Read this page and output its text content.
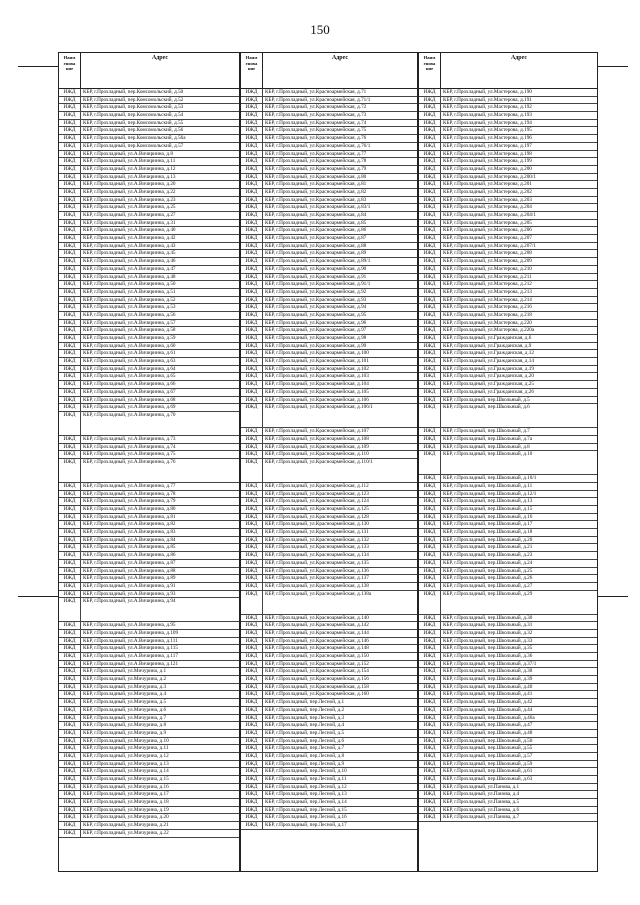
150
Наим
енова
ние
Адрес
ИЖД	КБР, г.Прохладный, пер.Комсомольский, д.50
ИЖД	КБР, г.Прохладный, пер.Комсомольский, д.52
ИЖД	КБР, г.Прохладный, пер.Комсомольский, д.53
ИЖД	КБР, г.Прохладный, пер.Комсомольский, д.54
ИЖД	КБР, г.Прохладный, пер.Комсомольский, д.55
ИЖД	КБР, г.Прохладный, пер.Комсомольский, д.56
ИЖД	КБР, г.Прохладный, пер.Комсомольский, д.56а
ИЖД	КБР, г.Прохладный, пер.Комсомольский, д.57
ИЖД	КБР, г.Прохладный, ул.А.Вичиринна, д.8
ИЖД	КБР, г.Прохладный, ул.А.Вичиринна, д.11
ИЖД	КБР, г.Прохладный, ул.А.Вичиринна, д.12
ИЖД	КБР, г.Прохладный, ул.А.Вичиринна, д.13
ИЖД	КБР, г.Прохладный, ул.А.Вичиринна, д.20
ИЖД	КБР, г.Прохладный, ул.А.Вичиринна, д.22
ИЖД	КБР, г.Прохладный, ул.А.Вичиринна, д.23
ИЖД	КБР, г.Прохладный, ул.А.Вичиринна, д.25
ИЖД	КБР, г.Прохладный, ул.А.Вичиринна, д.27
ИЖД	КБР, г.Прохладный, ул.А.Вичиринна, д.31
ИЖД	КБР, г.Прохладный, ул.А.Вичиринна, д.40
ИЖД	КБР, г.Прохладный, ул.А.Вичиринна, д.42
ИЖД	КБР, г.Прохладный, ул.А.Вичиринна, д.43
ИЖД	КБР, г.Прохладный, ул.А.Вичиринна, д.45
ИЖД	КБР, г.Прохладный, ул.А.Вичиринна, д.46
ИЖД	КБР, г.Прохладный, ул.А.Вичиринна, д.47
ИЖД	КБР, г.Прохладный, ул.А.Вичиринна, д.48
ИЖД	КБР, г.Прохладный, ул.А.Вичиринна, д.50
ИЖД	КБР, г.Прохладный, ул.А.Вичиринна, д.51
ИЖД	КБР, г.Прохладный, ул.А.Вичиринна, д.52
ИЖД	КБР, г.Прохладный, ул.А.Вичиринна, д.53
ИЖД	КБР, г.Прохладный, ул.А.Вичиринна, д.56
ИЖД	КБР, г.Прохладный, ул.А.Вичиринна, д.57
ИЖД	КБР, г.Прохладный, ул.А.Вичиринна, д.58
ИЖД	КБР, г.Прохладный, ул.А.Вичиринна, д.59
ИЖД	КБР, г.Прохладный, ул.А.Вичиринна, д.60
ИЖД	КБР, г.Прохладный, ул.А.Вичиринна, д.61
ИЖД	КБР, г.Прохладный, ул.А.Вичиринна, д.63
ИЖД	КБР, г.Прохладный, ул.А.Вичиринна, д.64
ИЖД	КБР, г.Прохладный, ул.А.Вичиринна, д.65
ИЖД	КБР, г.Прохладный, ул.А.Вичиринна, д.66
ИЖД	КБР, г.Прохладный, ул.А.Вичиринна, д.67
ИЖД	КБР, г.Прохладный, ул.А.Вичиринна, д.68
ИЖД	КБР, г.Прохладный, ул.А.Вичиринна, д.69
ИЖД	КБР, г.Прохладный, ул.А.Вичиринна, д.70
ИЖД	КБР, г.Прохладный, ул.А.Вичиринна, д.73
ИЖД	КБР, г.Прохладный, ул.А.Вичиринна, д.74
ИЖД	КБР, г.Прохладный, ул.А.Вичиринна, д.75
ИЖД	КБР, г.Прохладный, ул.А.Вичиринна, д.76
ИЖД	КБР, г.Прохладный, ул.А.Вичиринна, д.77
ИЖД	КБР, г.Прохладный, ул.А.Вичиринна, д.78
ИЖД	КБР, г.Прохладный, ул.А.Вичиринна, д.79
ИЖД	КБР, г.Прохладный, ул.А.Вичиринна, д.80
ИЖД	КБР, г.Прохладный, ул.А.Вичиринна, д.81
ИЖД	КБР, г.Прохладный, ул.А.Вичиринна, д.82
ИЖД	КБР, г.Прохладный, ул.А.Вичиринна, д.83
ИЖД	КБР, г.Прохладный, ул.А.Вичиринна, д.84
ИЖД	КБР, г.Прохладный, ул.А.Вичиринна, д.85
ИЖД	КБР, г.Прохладный, ул.А.Вичиринна, д.86
ИЖД	КБР, г.Прохладный, ул.А.Вичиринна, д.87
ИЖД	КБР, г.Прохладный, ул.А.Вичиринна, д.88
ИЖД	КБР, г.Прохладный, ул.А.Вичиринна, д.89
ИЖД	КБР, г.Прохладный, ул.А.Вичиринна, д.91
ИЖД	КБР, г.Прохладный, ул.А.Вичиринна, д.93
ИЖД	КБР, г.Прохладный, ул.А.Вичиринна, д.94
ИЖД	КБР, г.Прохладный, ул.А.Вичиринна, д.95
ИЖД	КБР, г.Прохладный, ул.А.Вичиринна, д.109
ИЖД	КБР, г.Прохладный, ул.А.Вичиринна, д.111
ИЖД	КБР, г.Прохладный, ул.А.Вичиринна, д.115
ИЖД	КБР, г.Прохладный, ул.А.Вичиринна, д.117
ИЖД	КБР, г.Прохладный, ул.А.Вичиринна, д.121
ИЖД	КБР, г.Прохладный, ул.Мичурина, д.1
ИЖД	КБР, г.Прохладный, ул.Мичурина, д.2
ИЖД	КБР, г.Прохладный, ул.Мичурина, д.3
ИЖД	КБР, г.Прохладный, ул.Мичурина, д.4
ИЖД	КБР, г.Прохладный, ул.Мичурина, д.5
ИЖД	КБР, г.Прохладный, ул.Мичурина, д.6
ИЖД	КБР, г.Прохладный, ул.Мичурина, д.7
ИЖД	КБР, г.Прохладный, ул.Мичурина, д.8
ИЖД	КБР, г.Прохладный, ул.Мичурина, д.9
ИЖД	КБР, г.Прохладный, ул.Мичурина, д.10
ИЖД	КБР, г.Прохладный, ул.Мичурина, д.11
ИЖД	КБР, г.Прохладный, ул.Мичурина, д.12
ИЖД	КБР, г.Прохладный, ул.Мичурина, д.13
ИЖД	КБР, г.Прохладный, ул.Мичурина, д.14
ИЖД	КБР, г.Прохладный, ул.Мичурина, д.15
ИЖД	КБР, г.Прохладный, ул.Мичурина, д.16
ИЖД	КБР, г.Прохладный, ул.Мичурина, д.17
ИЖД	КБР, г.Прохладный, ул.Мичурина, д.18
ИЖД	КБР, г.Прохладный, ул.Мичурина, д.19
ИЖД	КБР, г.Прохладный, ул.Мичурина, д.20
ИЖД	КБР, г.Прохладный, ул.Мичурина, д.21
ИЖД	КБР, г.Прохладный, ул.Мичурина, д.22
Наим
енова
ние
Адрес
ИЖД	КБР, г.Прохладный, ул.Красноармейская, д.71
ИЖД	КБР, г.Прохладный, ул.Красноармейская, д.71/1
ИЖД	КБР, г.Прохладный, ул.Красноармейская, д.72
ИЖД	КБР, г.Прохладный, ул.Красноармейская, д.73
ИЖД	КБР, г.Прохладный, ул.Красноармейская, д.74
ИЖД	КБР, г.Прохладный, ул.Красноармейская, д.75
ИЖД	КБР, г.Прохладный, ул.Красноармейская, д.76
ИЖД	КБР, г.Прохладный, ул.Красноармейская, д.76/1
ИЖД	КБР, г.Прохладный, ул.Красноармейская, д.77
ИЖД	КБР, г.Прохладный, ул.Красноармейская, д.78
ИЖД	КБР, г.Прохладный, ул.Красноармейская, д.79
ИЖД	КБР, г.Прохладный, ул.Красноармейская, д.80
ИЖД	КБР, г.Прохладный, ул.Красноармейская, д.81
ИЖД	КБР, г.Прохладный, ул.Красноармейская, д.82
ИЖД	КБР, г.Прохладный, ул.Красноармейская, д.83
ИЖД	КБР, г.Прохладный, ул.Красноармейская, д.83/1
ИЖД	КБР, г.Прохладный, ул.Красноармейская, д.84
ИЖД	КБР, г.Прохладный, ул.Красноармейская, д.85
ИЖД	КБР, г.Прохладный, ул.Красноармейская, д.86
ИЖД	КБР, г.Прохладный, ул.Красноармейская, д.87
ИЖД	КБР, г.Прохладный, ул.Красноармейская, д.88
ИЖД	КБР, г.Прохладный, ул.Красноармейская, д.89
ИЖД	КБР, г.Прохладный, ул.Красноармейская, д.89/1
ИЖД	КБР, г.Прохладный, ул.Красноармейская, д.90
ИЖД	КБР, г.Прохладный, ул.Красноармейская, д.91
ИЖД	КБР, г.Прохладный, ул.Красноармейская, д.91/1
ИЖД	КБР, г.Прохладный, ул.Красноармейская, д.92
ИЖД	КБР, г.Прохладный, ул.Красноармейская, д.93
ИЖД	КБР, г.Прохладный, ул.Красноармейская, д.94
ИЖД	КБР, г.Прохладный, ул.Красноармейская, д.95
ИЖД	КБР, г.Прохладный, ул.Красноармейская, д.96
ИЖД	КБР, г.Прохладный, ул.Красноармейская, д.97
ИЖД	КБР, г.Прохладный, ул.Красноармейская, д.98
ИЖД	КБР, г.Прохладный, ул.Красноармейская, д.99
ИЖД	КБР, г.Прохладный, ул.Красноармейская, д.100
ИЖД	КБР, г.Прохладный, ул.Красноармейская, д.101
ИЖД	КБР, г.Прохладный, ул.Красноармейская, д.102
ИЖД	КБР, г.Прохладный, ул.Красноармейская, д.103
ИЖД	КБР, г.Прохладный, ул.Красноармейская, д.104
ИЖД	КБР, г.Прохладный, ул.Красноармейская, д.105
ИЖД	КБР, г.Прохладный, ул.Красноармейская, д.106
ИЖД	КБР, г.Прохладный, ул.Красноармейская, д.106/1
ИЖД	КБР, г.Прохладный, ул.Красноармейская, д.107
ИЖД	КБР, г.Прохладный, ул.Красноармейская, д.108
ИЖД	КБР, г.Прохладный, ул.Красноармейская, д.109
ИЖД	КБР, г.Прохладный, ул.Красноармейская, д.110
ИЖД	КБР, г.Прохладный, ул.Красноармейская, д.110/1
ИЖД	КБР, г.Прохладный, ул.Красноармейская, д.112
ИЖД	КБР, г.Прохладный, ул.Красноармейская, д.123
ИЖД	КБР, г.Прохладный, ул.Красноармейская, д.124
ИЖД	КБР, г.Прохладный, ул.Красноармейская, д.125
ИЖД	КБР, г.Прохладный, ул.Красноармейская, д.128
ИЖД	КБР, г.Прохладный, ул.Красноармейская, д.130
ИЖД	КБР, г.Прохладный, ул.Красноармейская, д.131
ИЖД	КБР, г.Прохладный, ул.Красноармейская, д.132
ИЖД	КБР, г.Прохладный, ул.Красноармейская, д.133
ИЖД	КБР, г.Прохладный, ул.Красноармейская, д.134
ИЖД	КБР, г.Прохладный, ул.Красноармейская, д.135
ИЖД	КБР, г.Прохладный, ул.Красноармейская, д.136
ИЖД	КБР, г.Прохладный, ул.Красноармейская, д.137
ИЖД	КБР, г.Прохладный, ул.Красноармейская, д.138
ИЖД	КБР, г.Прохладный, ул.Красноармейская, д.138а
ИЖД	КБР, г.Прохладный, ул.Красноармейская, д.140
ИЖД	КБР, г.Прохладный, ул.Красноармейская, д.142
ИЖД	КБР, г.Прохладный, ул.Красноармейская, д.144
ИЖД	КБР, г.Прохладный, ул.Красноармейская, д.146
ИЖД	КБР, г.Прохладный, ул.Красноармейская, д.148
ИЖД	КБР, г.Прохладный, ул.Красноармейская, д.150
ИЖД	КБР, г.Прохладный, ул.Красноармейская, д.152
ИЖД	КБР, г.Прохладный, ул.Красноармейская, д.154
ИЖД	КБР, г.Прохладный, ул.Красноармейская, д.156
ИЖД	КБР, г.Прохладный, ул.Красноармейская, д.158
ИЖД	КБР, г.Прохладный, ул.Красноармейская, д.160
ИЖД	КБР, г.Прохладный, пер.Лесной, д.1
ИЖД	КБР, г.Прохладный, пер.Лесной, д.2
ИЖД	КБР, г.Прохладный, пер.Лесной, д.3
ИЖД	КБР, г.Прохладный, пер.Лесной, д.4
ИЖД	КБР, г.Прохладный, пер.Лесной, д.5
ИЖД	КБР, г.Прохладный, пер.Лесной, д.6
ИЖД	КБР, г.Прохладный, пер.Лесной, д.7
ИЖД	КБР, г.Прохладный, пер.Лесной, д.8
ИЖД	КБР, г.Прохладный, пер.Лесной, д.9
ИЖД	КБР, г.Прохладный, пер.Лесной, д.10
ИЖД	КБР, г.Прохладный, пер.Лесной, д.11
ИЖД	КБР, г.Прохладный, пер.Лесной, д.12
ИЖД	КБР, г.Прохладный, пер.Лесной, д.13
ИЖД	КБР, г.Прохладный, пер.Лесной, д.14
ИЖД	КБР, г.Прохладный, пер.Лесной, д.15
ИЖД	КБР, г.Прохладный, пер.Лесной, д.16
ИЖД	КБР, г.Прохладный, пер.Лесной, д.17
Наим
енова
ние
Адрес
ИЖД	КБР, г.Прохладный, ул.Мастерова, д.190
ИЖД	КБР, г.Прохладный, ул.Мастерова, д.191
ИЖД	КБР, г.Прохладный, ул.Мастерова, д.192
ИЖД	КБР, г.Прохладный, ул.Мастерова, д.193
ИЖД	КБР, г.Прохладный, ул.Мастерова, д.194
ИЖД	КБР, г.Прохладный, ул.Мастерова, д.195
ИЖД	КБР, г.Прохладный, ул.Мастерова, д.196
ИЖД	КБР, г.Прохладный, ул.Мастерова, д.197
ИЖД	КБР, г.Прохладный, ул.Мастерова, д.198
ИЖД	КБР, г.Прохладный, ул.Мастерова, д.199
ИЖД	КБР, г.Прохладный, ул.Мастерова, д.200
ИЖД	КБР, г.Прохладный, ул.Мастерова, д.200/1
ИЖД	КБР, г.Прохладный, ул.Мастерова, д.201
ИЖД	КБР, г.Прохладный, ул.Мастерова, д.202
ИЖД	КБР, г.Прохладный, ул.Мастерова, д.203
ИЖД	КБР, г.Прохладный, ул.Мастерова, д.204
ИЖД	КБР, г.Прохладный, ул.Мастерова, д.204/1
ИЖД	КБР, г.Прохладный, ул.Мастерова, д.205
ИЖД	КБР, г.Прохладный, ул.Мастерова, д.206
ИЖД	КБР, г.Прохладный, ул.Мастерова, д.207
ИЖД	КБР, г.Прохладный, ул.Мастерова, д.207/1
ИЖД	КБР, г.Прохладный, ул.Мастерова, д.208
ИЖД	КБР, г.Прохладный, ул.Мастерова, д.209
ИЖД	КБР, г.Прохладный, ул.Мастерова, д.210
ИЖД	КБР, г.Прохладный, ул.Мастерова, д.211
ИЖД	КБР, г.Прохладный, ул.Мастерова, д.212
ИЖД	КБР, г.Прохладный, ул.Мастерова, д.213
ИЖД	КБР, г.Прохладный, ул.Мастерова, д.214
ИЖД	КБР, г.Прохладный, ул.Мастерова, д.216
ИЖД	КБР, г.Прохладный, ул.Мастерова, д.218
ИЖД	КБР, г.Прохладный, ул.Мастерова, д.220
ИЖД	КБР, г.Прохладный, ул.Мастерова, д.220а
ИЖД	КБР, г.Прохладный, ул.Гражданская, д.6
ИЖД	КБР, г.Прохладный, ул.Гражданская, д.9
ИЖД	КБР, г.Прохладный, ул.Гражданская, д.12
ИЖД	КБР, г.Прохладный, ул.Гражданская, д.14
ИЖД	КБР, г.Прохладный, ул.Гражданская, д.19
ИЖД	КБР, г.Прохладный, ул.Гражданская, д.20
ИЖД	КБР, г.Прохладный, ул.Гражданская, д.25
ИЖД	КБР, г.Прохладный, ул.Гражданская, д.26
ИЖД	КБР, г.Прохладный, пер.Школьный, д.5
ИЖД	КБР, г.Прохладный, пер.Школьный, д.6
ИЖД	КБР, г.Прохладный, пер.Школьный, д.7
ИЖД	КБР, г.Прохладный, пер.Школьный, д.7а
ИЖД	КБР, г.Прохладный, пер.Школьный, д.8
ИЖД	КБР, г.Прохладный, пер.Школьный, д.10
ИЖД	КБР, г.Прохладный, пер.Школьный, д.10/1
ИЖД	КБР, г.Прохладный, пер.Школьный, д.11
ИЖД	КБР, г.Прохладный, пер.Школьный, д.12/1
ИЖД	КБР, г.Прохладный, пер.Школьный, д.13
ИЖД	КБР, г.Прохладный, пер.Школьный, д.15
ИЖД	КБР, г.Прохладный, пер.Школьный, д.16
ИЖД	КБР, г.Прохладный, пер.Школьный, д.17
ИЖД	КБР, г.Прохладный, пер.Школьный, д.18
ИЖД	КБР, г.Прохладный, пер.Школьный, д.20
ИЖД	КБР, г.Прохладный, пер.Школьный, д.21
ИЖД	КБР, г.Прохладный, пер.Школьный, д.23
ИЖД	КБР, г.Прохладный, пер.Школьный, д.24
ИЖД	КБР, г.Прохладный, пер.Школьный, д.25
ИЖД	КБР, г.Прохладный, пер.Школьный, д.26
ИЖД	КБР, г.Прохладный, пер.Школьный, д.27
ИЖД	КБР, г.Прохладный, пер.Школьный, д.29
ИЖД	КБР, г.Прохладный, пер.Школьный, д.30
ИЖД	КБР, г.Прохладный, пер.Школьный, д.31
ИЖД	КБР, г.Прохладный, пер.Школьный, д.32
ИЖД	КБР, г.Прохладный, пер.Школьный, д.33
ИЖД	КБР, г.Прохладный, пер.Школьный, д.35
ИЖД	КБР, г.Прохладный, пер.Школьный, д.36
ИЖД	КБР, г.Прохладный, пер.Школьный, д.37/1
ИЖД	КБР, г.Прохладный, пер.Школьный, д.38
ИЖД	КБР, г.Прохладный, пер.Школьный, д.39
ИЖД	КБР, г.Прохладный, пер.Школьный, д.40
ИЖД	КБР, г.Прохладный, пер.Школьный, д.41
ИЖД	КБР, г.Прохладный, пер.Школьный, д.42
ИЖД	КБР, г.Прохладный, пер.Школьный, д.44
ИЖД	КБР, г.Прохладный, пер.Школьный, д.46а
ИЖД	КБР, г.Прохладный, пер.Школьный, д.47
ИЖД	КБР, г.Прохладный, пер.Школьный, д.48
ИЖД	КБР, г.Прохладный, пер.Школьный, д.50
ИЖД	КБР, г.Прохладный, пер.Школьный, д.55
ИЖД	КБР, г.Прохладный, пер.Школьный, д.57
ИЖД	КБР, г.Прохладный, пер.Школьный, д.59
ИЖД	КБР, г.Прохладный, пер.Школьный, д.61
ИЖД	КБР, г.Прохладный, пер.Школьный, д.63
ИЖД	КБР, г.Прохладный, ул.Панова, д.1
ИЖД	КБР, г.Прохладный, ул.Панова, д.4
ИЖД	КБР, г.Прохладный, ул.Панова, д.5
ИЖД	КБР, г.Прохладный, ул.Панова, д.6
ИЖД	КБР, г.Прохладный, ул.Панова, д.7
